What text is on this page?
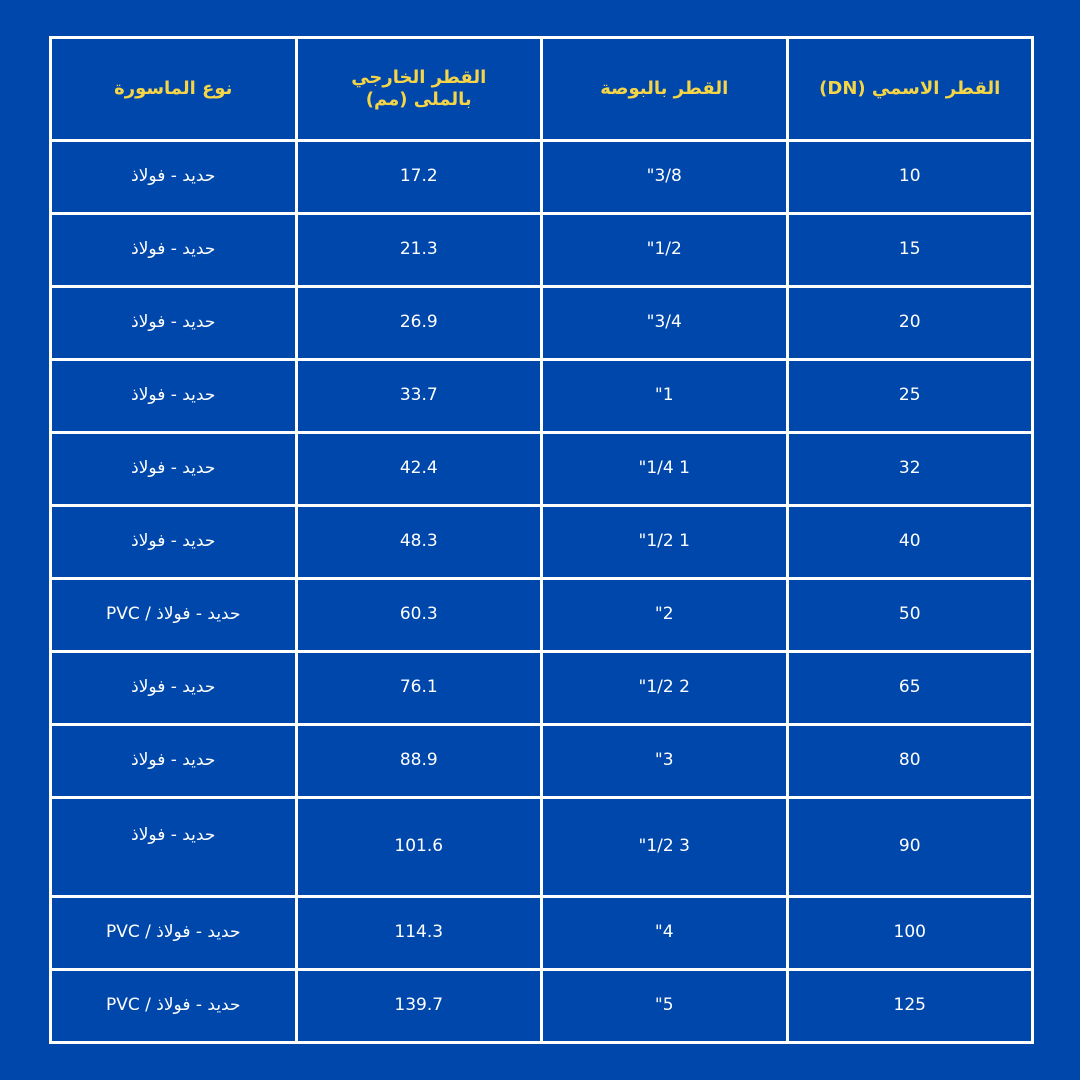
القطر الاسمي (DN)	القطر بالبوصة	القطر الخارجي بالملى (مم)	نوع الماسورة
10	3/8"	17.2	حديد - فولاذ
15	1/2"	21.3	حديد - فولاذ
20	3/4"	26.9	حديد - فولاذ
25	1"	33.7	حديد - فولاذ
32	1 1/4"	42.4	حديد - فولاذ
40	1 1/2"	48.3	حديد - فولاذ
50	2"	60.3	حديد - فولاذ / PVC
65	2 1/2"	76.1	حديد - فولاذ
80	3"	88.9	حديد - فولاذ
90	3 1/2"	101.6	حديد - فولاذ
100	4"	114.3	حديد - فولاذ / PVC
125	5"	139.7	حديد - فولاذ / PVC
